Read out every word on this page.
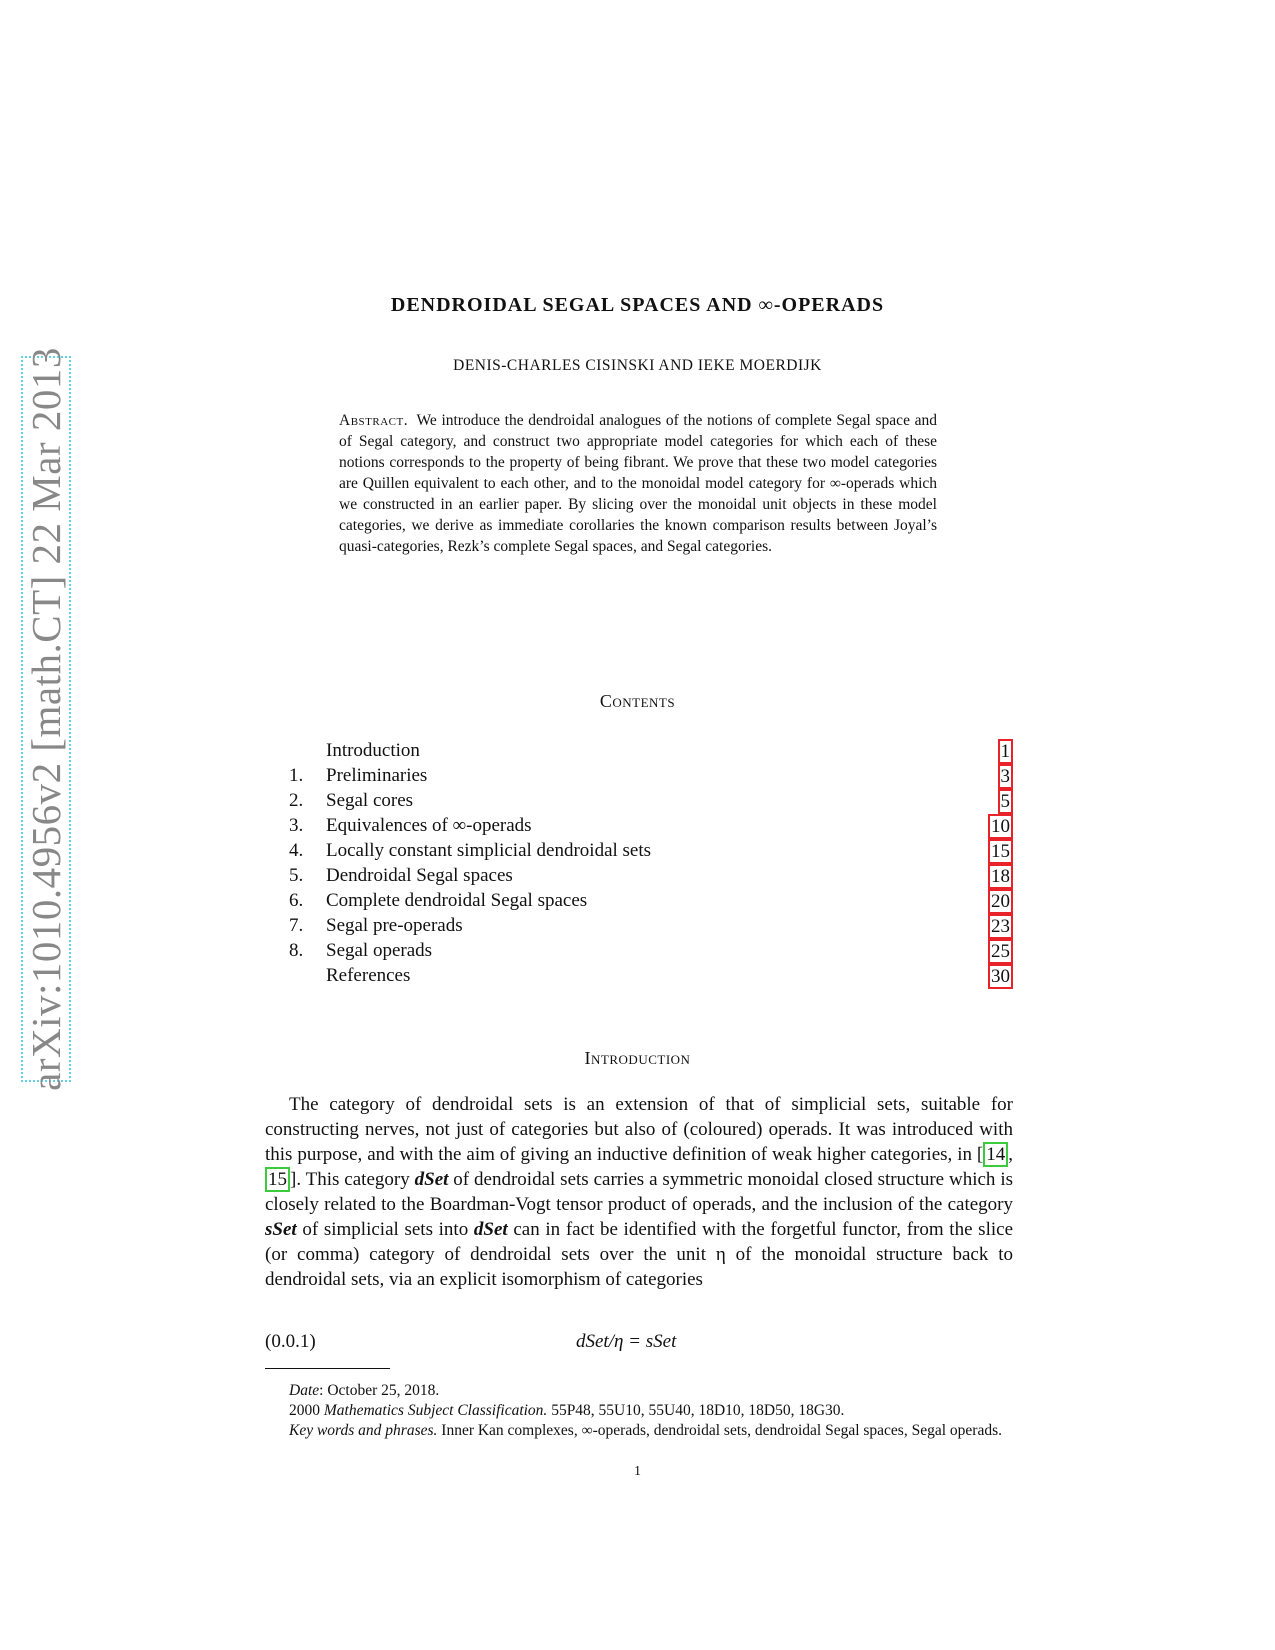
arXiv:1010.4956v2 [math.CT] 22 Mar 2013
DENDROIDAL SEGAL SPACES AND ∞-OPERADS
DENIS-CHARLES CISINSKI AND IEKE MOERDIJK
Abstract. We introduce the dendroidal analogues of the notions of complete Segal space and of Segal category, and construct two appropriate model categories for which each of these notions corresponds to the property of being fibrant. We prove that these two model categories are Quillen equivalent to each other, and to the monoidal model category for ∞-operads which we constructed in an earlier paper. By slicing over the monoidal unit objects in these model categories, we derive as immediate corollaries the known comparison results between Joyal’s quasi-categories, Rezk’s complete Segal spaces, and Segal categories.
Contents
Introduction	1
1. Preliminaries	3
2. Segal cores	5
3. Equivalences of ∞-operads	10
4. Locally constant simplicial dendroidal sets	15
5. Dendroidal Segal spaces	18
6. Complete dendroidal Segal spaces	20
7. Segal pre-operads	23
8. Segal operads	25
References	30
Introduction

The category of dendroidal sets is an extension of that of simplicial sets, suitable for constructing nerves, not just of categories but also of (coloured) operads. It was introduced with this purpose, and with the aim of giving an inductive definition of weak higher categories, in [ 14 , 15 ]. This category dSet of dendroidal sets carries a symmetric monoidal closed structure which is closely related to the Boardman-Vogt tensor product of operads, and the inclusion of the category sSet of simplicial sets into dSet can in fact be identified with the forgetful functor, from the slice (or comma) category of dendroidal sets over the unit η of the monoidal structure back to dendroidal sets, via an explicit isomorphism of categories

(0.0.1)	dSet/η = sSet
Date: October 25, 2018.
2000 Mathematics Subject Classification. 55P48, 55U10, 55U40, 18D10, 18D50, 18G30.
Key words and phrases. Inner Kan complexes, ∞-operads, dendroidal sets, dendroidal Segal spaces, Segal operads.
1
